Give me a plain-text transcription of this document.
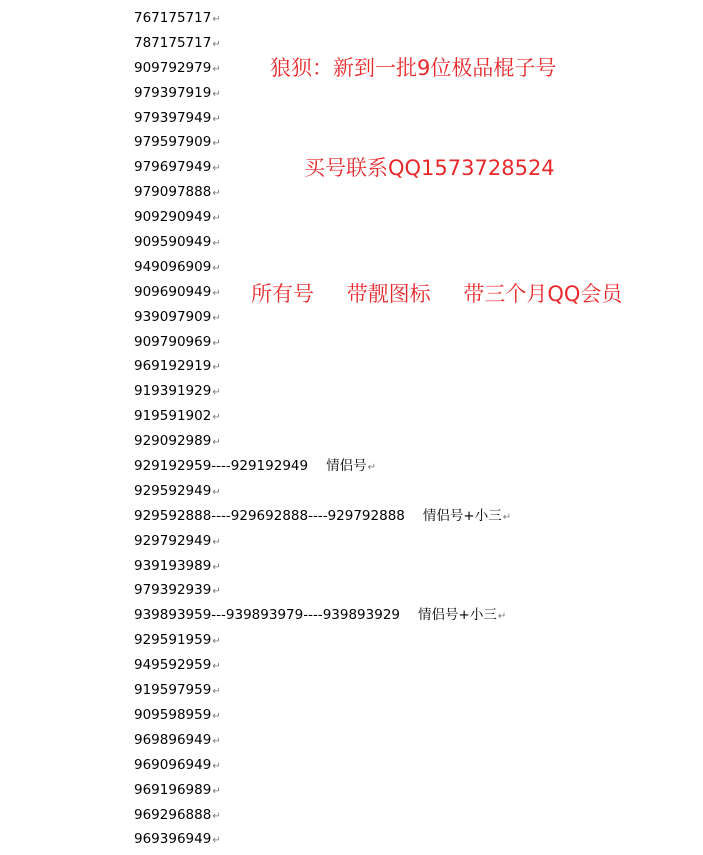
767175717↵
787175717↵
909792979↵
979397919↵
979397949↵
979597909↵
979697949↵
979097888↵
909290949↵
909590949↵
949096909↵
909690949↵
939097909↵
909790969↵
969192919↵
919391929↵
919591902↵
929092989↵
929192959----929192949 情侣号↵
929592949↵
929592888----929692888----929792888 情侣号+小三↵
929792949↵
939193989↵
979392939↵
939893959---939893979----939893929 情侣号+小三↵
929591959↵
949592959↵
919597959↵
909598959↵
969896949↵
969096949↵
969196989↵
969296888↵
969396949↵
狼狈：新到一批9位极品棍子号
买号联系QQ1573728524
所有号 带靓图标 带三个月QQ会员
